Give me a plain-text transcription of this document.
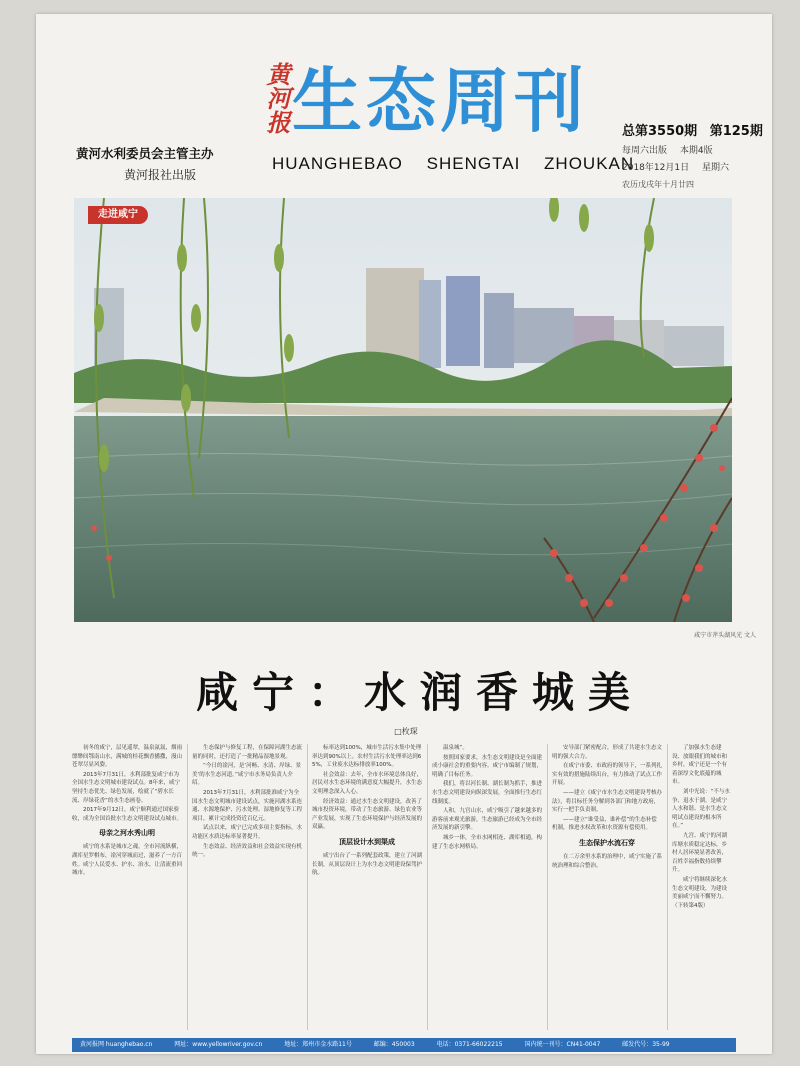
黄河报 生态周刊
HUANGHEBAO SHENGTAI ZHOUKAN
黄河水利委员会主管主办
黄河报社出版
总第3550期 第125期
每周六出版 本期4版
2018年12月1日 星期六
农历戊戌年十月廿四
走进咸宁
咸宁市斧头湖风光 文人
咸宁：水润香城美
□枚琛

初冬的咸宁，层见遥翠，温泉氤氲，烟雨缥缈间鄂南山水，满城的桂花飘香播撒，漫山苍翠尽显风姿。

2013年7月31日，水利部批复咸宁市为全国水生态文明城市建设试点。8年来，咸宁坚持生态优先、绿色发展，绘就了“碧水长流、岸绿花香”的水生态画卷。

2017年9月12日，咸宁顺利通过国家验收，成为全国首批水生态文明建设试点城市。

母亲之河水秀山明

咸宁的水系是城市之魂。全市河流纵横，湖库星罗棋布，淦河穿城而过，滋养了一方百姓。咸宁人民爱水、护水、治水，让清流重回城市。

生态保护与修复工程，在保障河湖生态流量的同时，还打造了一批精品湿地景观。

“今日的淦河，是‘河畅、水清、岸绿、景美’的水生态河道。”咸宁市水务局负责人介绍。

2013年7月31日，水利部批准咸宁为全国水生态文明城市建设试点，实施河湖水系连通、水源地保护、污水处理、湿地修复等工程项目，累计完成投资近百亿元。

试点以来，咸宁已完成多项主要指标，水功能区水质达标率显著提升。

生态效益、经济效益和社会效益实现有机统一。

标率达到100%，城市生活污水集中处理率达到90%以上。农村生活污水处理率达到65%，工业废水达标排放率100%。

社会效益：去年，全市水环境总体良好，居民对水生态环境的满意度大幅提升，水生态文明理念深入人心。

经济效益：通过水生态文明建设，改善了城市投资环境，带动了生态旅游、绿色农业等产业发展，实现了生态环境保护与经济发展的双赢。

顶层设计水到渠成

咸宁出台了一系列配套政策，建立了河湖长制，从顶层设计上为水生态文明建设保驾护航。

温泉城”。

按照国家要求，水生态文明建设是全面建成小康社会的重要内容。咸宁市编制了规划，明确了目标任务。

我们，将以河长制、湖长制为抓手，推进水生态文明建设向纵深发展，全面推行生态红线制度。

人和，九宫山水，咸宁吸引了越来越多的游客前来观光旅游，生态旅游已经成为全市经济发展的新引擎。

城乡一体，全市水网相连、湖库相通，构建了生态水网格局。

安导部门紧密配合，形成了共建水生态文明的强大合力。

在咸宁市委、市政府的领导下，一系列扎实有效的措施陆续出台，有力推动了试点工作开展。

——建立《咸宁市水生态文明建设考核办法》，将目标任务分解到各部门和地方政府，实行一把手负责制。

——建立“谁受益、谁补偿”的生态补偿机制，推进水权改革和水资源有偿使用。

生态保护水流石穿

在二万余里水系的治理中，咸宁实施了系统治理和综合整治。

了加强水生态建设、放眼我们的城市和乡村，咸宁还是一个有着深厚文化底蕴的城市。

刘中光说：“不与水争、退水于湖。是咸宁人水和谐、是水生态文明试点建设的根本所在。”

九宫、咸宁的河湖库塘水质稳定达标，乡村人居环境显著改善，百姓幸福指数持续攀升。

咸宁将继续深化水生态文明建设，为建设美丽咸宁而不懈努力。（下转第4版）

黄河报网 huanghebao.cn	网址：www.yellowriver.gov.cn	地址：郑州市金水路11号	邮编：450003	电话：0371-66022215	国内统一刊号：CN41-0047	邮发代号：35-99
